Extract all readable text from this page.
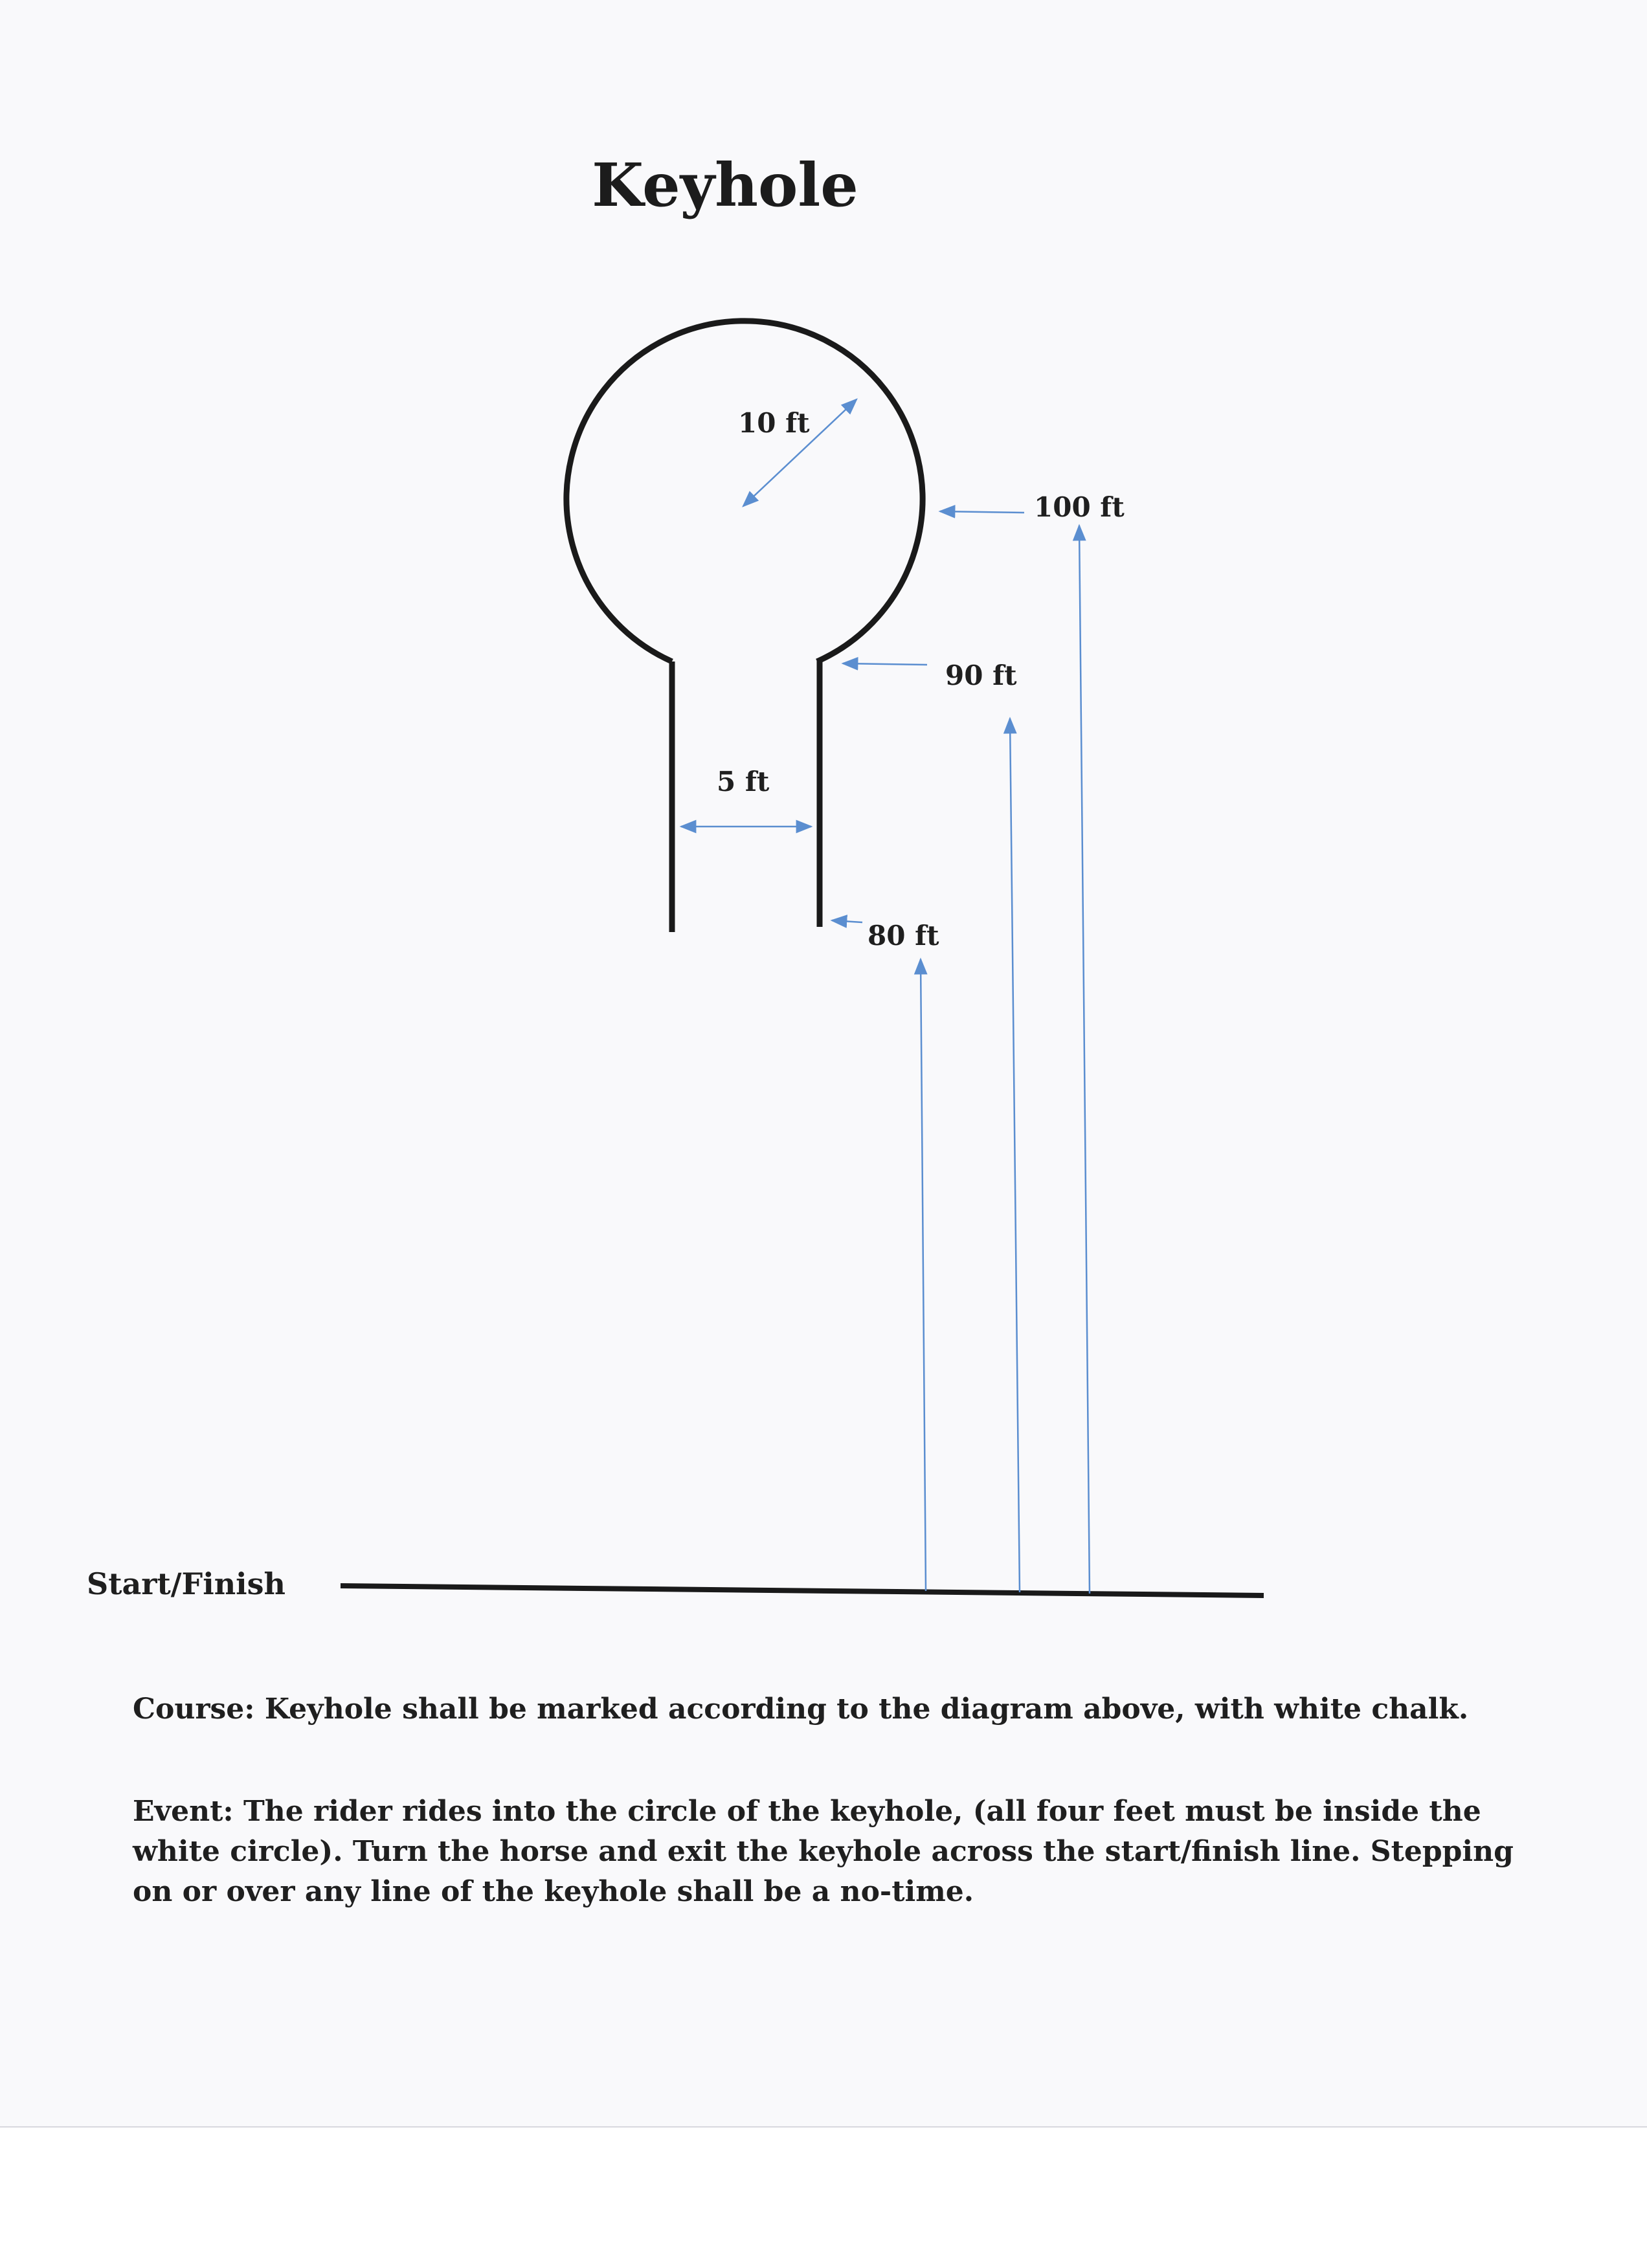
Keyhole
10 ft
5 ft
80 ft
90 ft
100 ft
Start/Finish

Course: Keyhole shall be marked according to the diagram above, with white chalk.

Event: The rider rides into the circle of the keyhole, (all four feet must be inside the white circle). Turn the horse and exit the keyhole across the start/finish line. Stepping on or over any line of the keyhole shall be a no-time.
